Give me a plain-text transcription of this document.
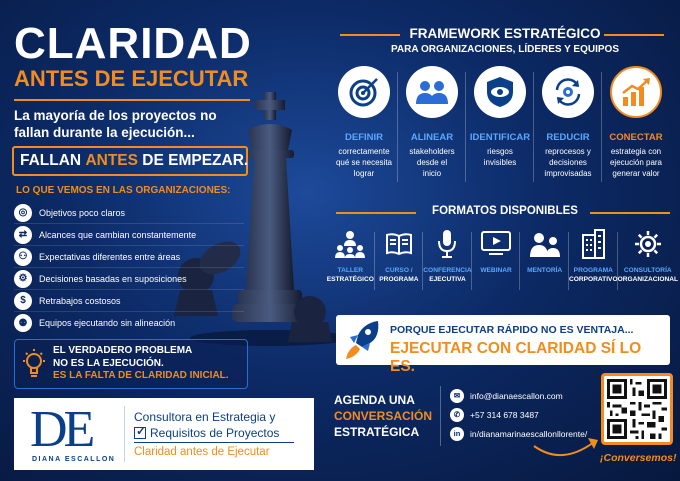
CLARIDAD
ANTES DE EJECUTAR
La mayoría de los proyectos no fallan durante la ejecución...
FALLAN ANTES DE EMPEZAR.
LO QUE VEMOS EN LAS ORGANIZACIONES:
◎	Objetivos poco claros
⇄	Alcances que cambian constantemente
⚇	Expectativas diferentes entre áreas
⚙	Decisiones basadas en suposiciones
$	Retrabajos costosos
⚉	Equipos ejecutando sin alineación
EL VERDADERO PROBLEMA
NO ES LA EJECUCIÓN.
ES LA FALTA DE CLARIDAD INICIAL.
DE
DIANA ESCALLON
Consultora en Estrategia y
✓
Requisitos de Proyectos
Claridad antes de Ejecutar
FRAMEWORK ESTRATÉGICO
PARA ORGANIZACIONES, LÍDERES Y EQUIPOS
DEFINIR
correctamente
qué se necesita
lograr
ALINEAR
stakeholders
desde el
inicio
IDENTIFICAR
riesgos
invisibles
REDUCIR
reprocesos y
decisiones
improvisadas
CONECTAR
estrategia con
ejecución para
generar valor
FORMATOS DISPONIBLES
TALLER
ESTRATÉGICO
CURSO /
PROGRAMA
CONFERENCIA
EJECUTIVA
WEBINAR	MENTORÍA	PROGRAMA
CORPORATIVO
CONSULTORÍA
ORGANIZACIONAL
PORQUE EJECUTAR RÁPIDO NO ES VENTAJA...
EJECUTAR CON CLARIDAD SÍ LO ES.
AGENDA UNA
CONVERSACIÓN
ESTRATÉGICA
✉	info@dianaescallon.com
✆	+57 314 678 3487
in	in/dianamarinaescallonllorente/
¡Conversemos!
